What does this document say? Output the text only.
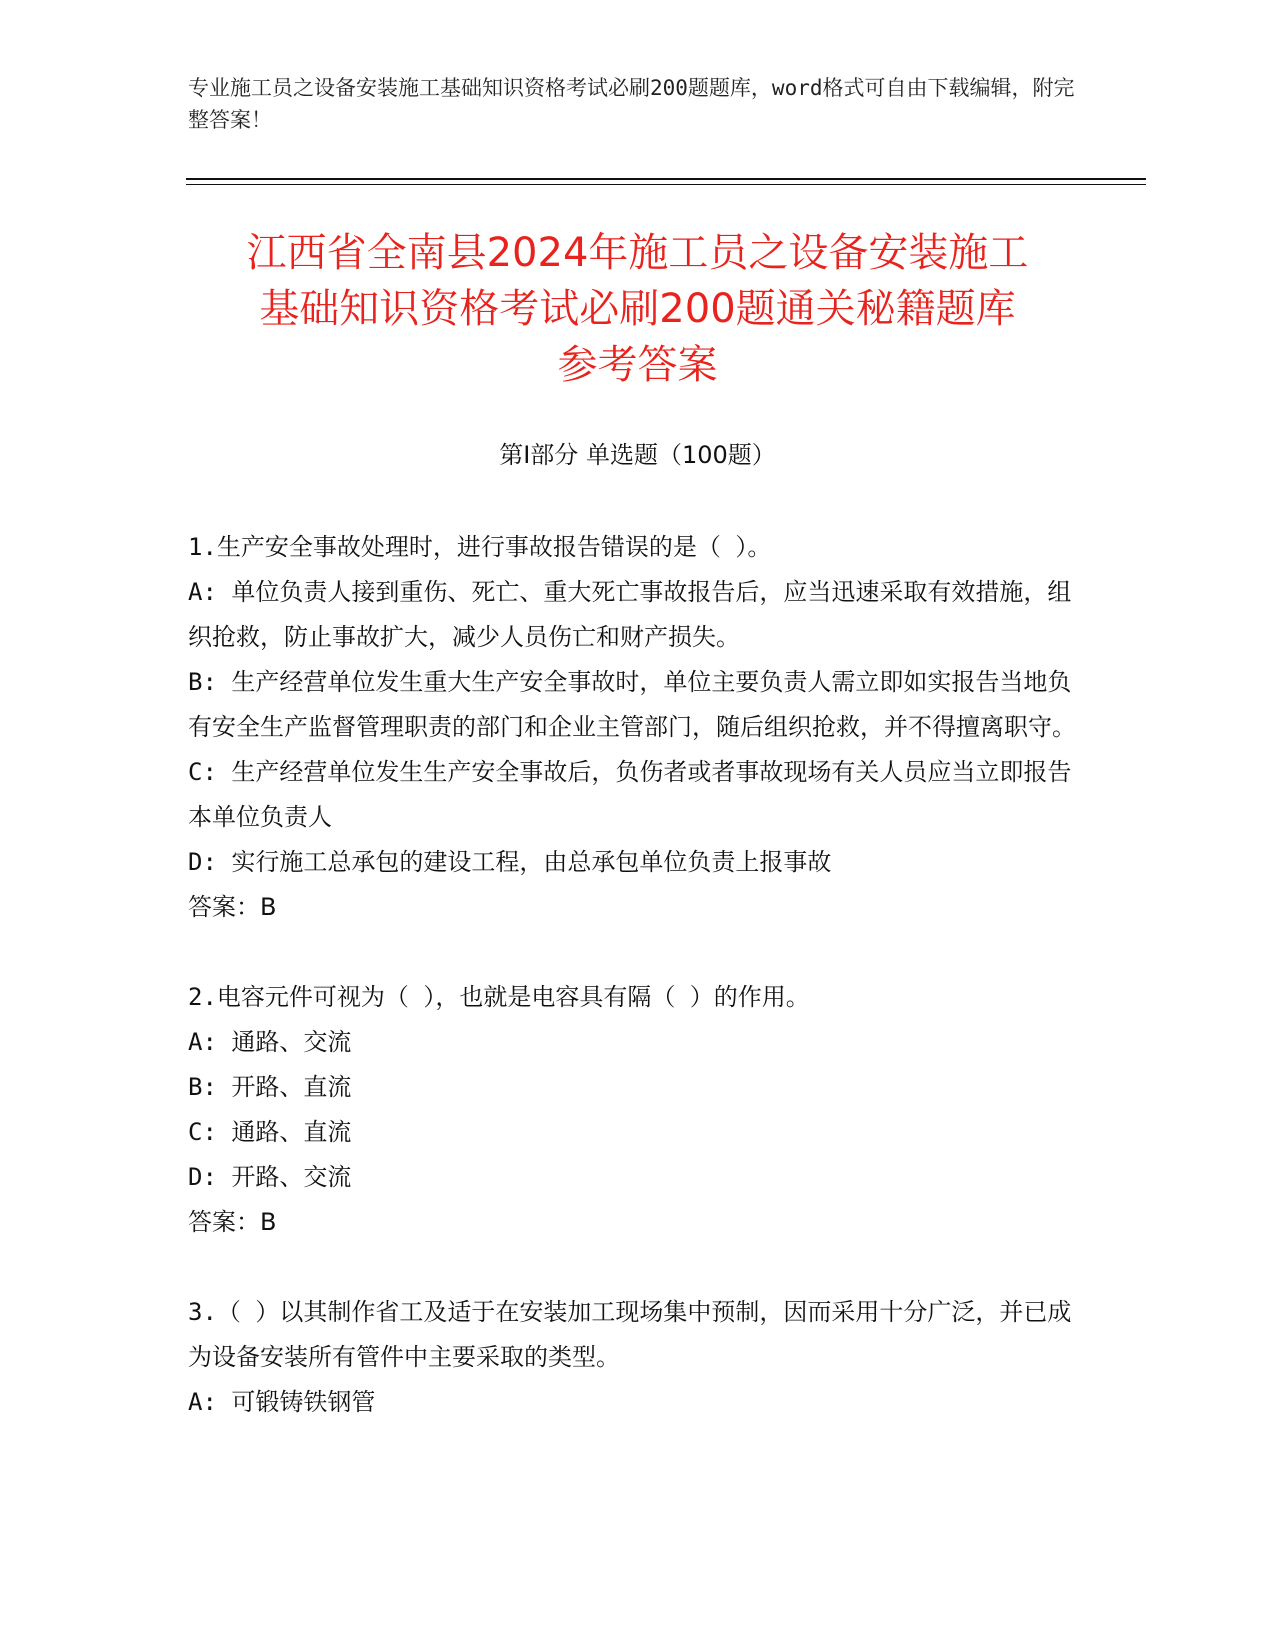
专业施工员之设备安装施工基础知识资格考试必刷200题题库，word格式可自由下载编辑，附完整答案！
江西省全南县2024年施工员之设备安装施工
基础知识资格考试必刷200题通关秘籍题库
参考答案
第Ⅰ部分 单选题（100题）
1.生产安全事故处理时，进行事故报告错误的是（ ）。
A: 单位负责人接到重伤、死亡、重大死亡事故报告后，应当迅速采取有效措施，组织抢救，防止事故扩大，减少人员伤亡和财产损失。
B: 生产经营单位发生重大生产安全事故时，单位主要负责人需立即如实报告当地负有安全生产监督管理职责的部门和企业主管部门，随后组织抢救，并不得擅离职守。
C: 生产经营单位发生生产安全事故后，负伤者或者事故现场有关人员应当立即报告本单位负责人
D: 实行施工总承包的建设工程，由总承包单位负责上报事故
答案：B
2.电容元件可视为（ ），也就是电容具有隔（ ）的作用。
A: 通路、交流
B: 开路、直流
C: 通路、直流
D: 开路、交流
答案：B
3.（ ）以其制作省工及适于在安装加工现场集中预制，因而采用十分广泛，并已成为设备安装所有管件中主要采取的类型。
A: 可锻铸铁钢管
